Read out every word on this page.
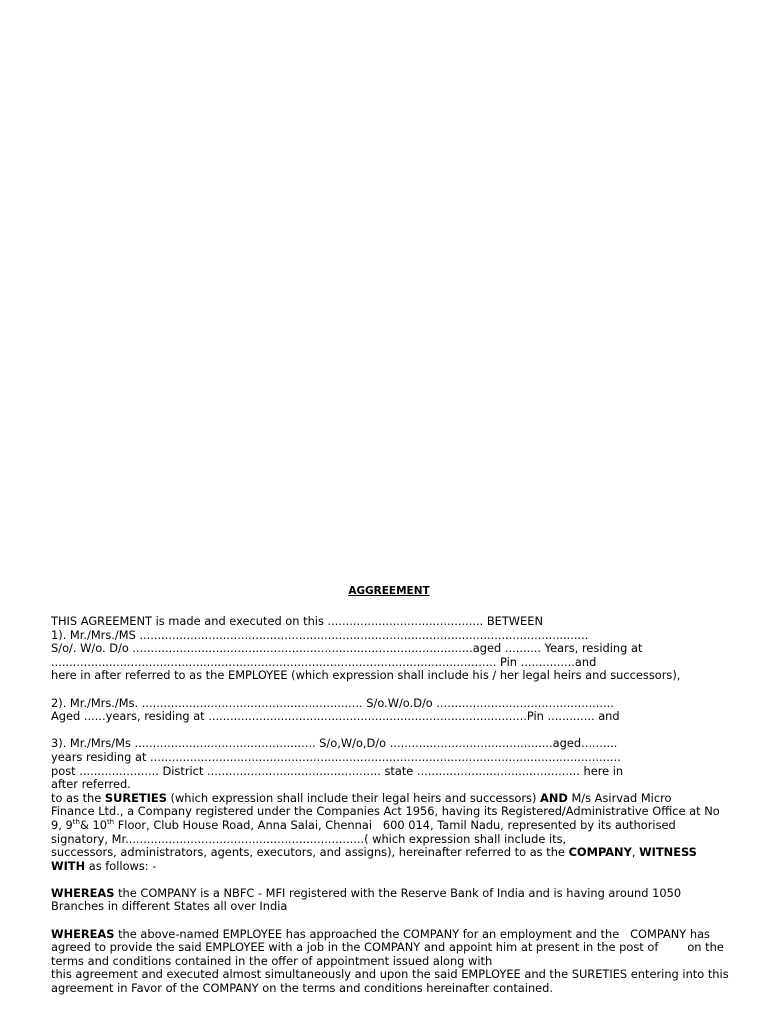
AGGREEMENT
THIS AGREEMENT is made and executed on this ........................................... BETWEEN
1). Mr./Mrs./MS ............................................................................................................................
S/o/. W/o. D/o ..............................................................................................aged .......... Years, residing at
........................................................................................................................... Pin ...............and
here in after referred to as the EMPLOYEE (which expression shall include his / her legal heirs and successors),
2). Mr./Mrs./Ms. ............................................................. S/o.W/o.D/o .................................................
Aged ......years, residing at ........................................................................................Pin ............. and
3). Mr./Mrs/Ms .................................................. S/o,W/o,D/o .............................................aged..........
years residing at ..................................................................................................................................
post ...................... District ................................................ state ............................................. here in
after referred.
to as the SURETIES (which expression shall include their legal heirs and successors) AND M/s Asirvad Micro
Finance Ltd., a Company registered under the Companies Act 1956, having its Registered/Administrative Office at No
9, 9th& 10th Floor, Club House Road, Anna Salai, Chennai   600 014, Tamil Nadu, represented by its authorised
signatory, Mr..................................................................( which expression shall include its,
successors, administrators, agents, executors, and assigns), hereinafter referred to as the COMPANY, WITNESS
WITH as follows: -
WHEREAS the COMPANY is a NBFC - MFI registered with the Reserve Bank of India and is having around 1050
Branches in different States all over India
WHEREAS the above-named EMPLOYEE has approached the COMPANY for an employment and the   COMPANY has
agreed to provide the said EMPLOYEE with a job in the COMPANY and appoint him at present in the post of        on the
terms and conditions contained in the offer of appointment issued along with
this agreement and executed almost simultaneously and upon the said EMPLOYEE and the SURETIES entering into this
agreement in Favor of the COMPANY on the terms and conditions hereinafter contained.
